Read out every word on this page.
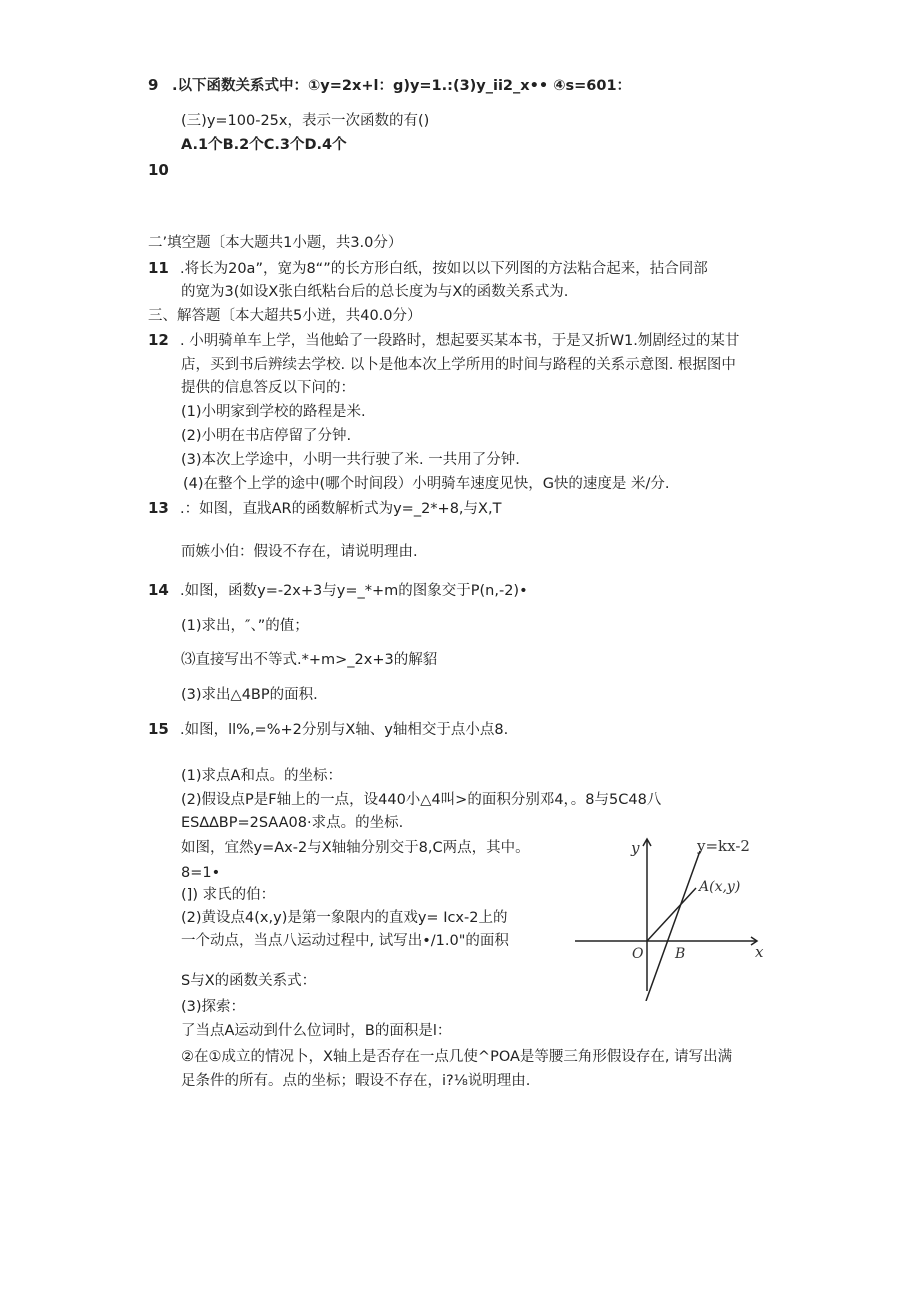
9 .以下函数关系式中：①y=2x+l：g)y=1.:(3)y_ii2_x•• ④s=601：
(三)y=100-25x，表示一次函数的有()
A.1个B.2个C.3个D.4个
10
二’填空题〔本大题共1小题，共3.0分）
11 .将长为20a”，宽为8“”的长方形白纸，按如以以下列图的方法粘合起来，拈合同部
的宽为3(如设X张白纸粘台后的总长度为与X的函数关系式为.
三、解答题〔本大超共5小迸，共40.0分）
12 . 小明骑单车上学，当他蛤了一段路时，想起要买某本书，于是又折W1.刎剧经过的某甘
店，买到书后辨续去学校. 以卜是他本次上学所用的时间与路程的关系示意图. 根据图中
提供的信息答反以下问的：
(1)小明家到学校的路程是米.
(2)小明在书店停留了分钟.
(3)本次上学途中，小明一共行驶了米. 一共用了分钟.
(4)在整个上学的途中(哪个时间段）小明骑车速度见快，G快的速度是 米/分.
13 .：如图，直戕AR的函数解析式为y=_2*+8,与X,T
而嫉小伯：假设不存在，请说明理由.
14 .如图，函数y=-2x+3与y=_*+m的图象交于P(n,-2)•
(1)求出，″、”的值；
⑶直接写出不等式.*+m>_2x+3的解貂
(3)求出△4BP的面积.
15 .如图，ll%,=%+2分别与X轴、y轴相交于点小点8.
(1)求点A和点。的坐标：
(2)假设点P是F轴上的一点，设440小△4叫>的面积分别邓4，。8与5C48八
ES∆∆BP=2SAA08·求点。的坐标.
如图，宜然y=Ax-2与X轴轴分别交于8,C两点，其中。
8=1•
(]) 求氏的伯：
(2)黄设点4(x,y)是第一象限内的直戏y= Icx-2上的
一个动点，当点八运动过程中, 试写出•/1.0"的面积
S与X的函数关系式：
(3)探索：
了当点A运动到什么位词时，B的面积是l：
②在①成立的情况卜，X轴上是否存在一点几使^POA是等腰三角形假设存在, 请写出满
足条件的所有。点的坐标；暇设不存在，i?⅛说明理由.
y=kx-2
y
x
O B
A(x,y)
